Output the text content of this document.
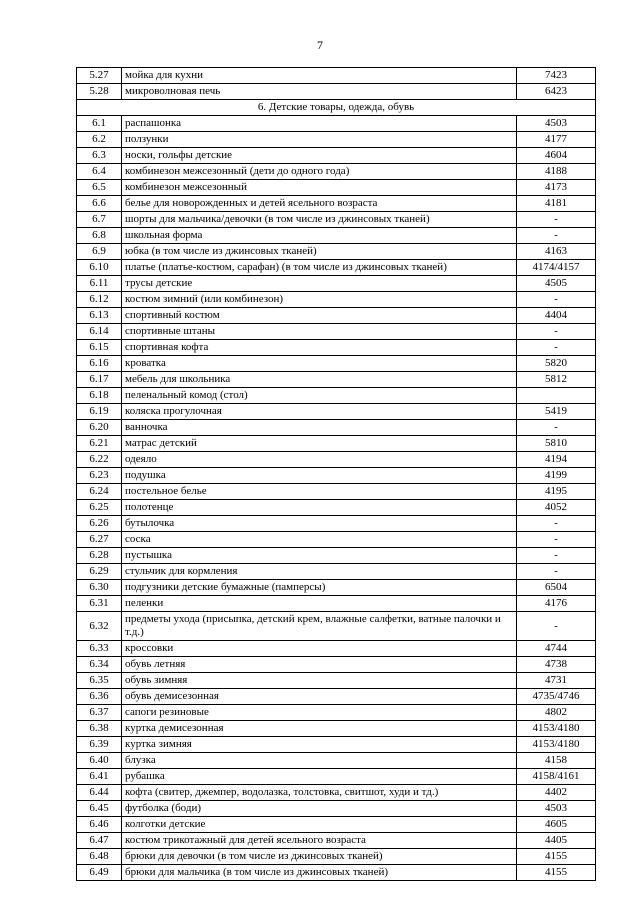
7
5.27	мойка для кухни	7423
5.28	микроволновая печь	6423
6. Детские товары, одежда, обувь		
6.1	распашонка	4503
6.2	ползунки	4177
6.3	носки, гольфы детские	4604
6.4	комбинезон межсезонный (дети до одного года)	4188
6.5	комбинезон межсезонный	4173
6.6	белье для новорожденных и детей ясельного возраста	4181
6.7	шорты для мальчика/девочки (в том числе из джинсовых тканей)	-
6.8	школьная форма	-
6.9	юбка (в том числе из джинсовых тканей)	4163
6.10	платье (платье-костюм, сарафан) (в том числе из джинсовых тканей)	4174/4157
6.11	трусы детские	4505
6.12	костюм зимний (или комбинезон)	-
6.13	спортивный костюм	4404
6.14	спортивные штаны	-
6.15	спортивная кофта	-
6.16	кроватка	5820
6.17	мебель для школьника	5812
6.18	пеленальный комод (стол)	
6.19	коляска прогулочная	5419
6.20	ванночка	-
6.21	матрас детский	5810
6.22	одеяло	4194
6.23	подушка	4199
6.24	постельное белье	4195
6.25	полотенце	4052
6.26	бутылочка	-
6.27	соска	-
6.28	пустышка	-
6.29	стульчик для кормления	-
6.30	подгузники детские бумажные (памперсы)	6504
6.31	пеленки	4176
6.32	предметы ухода (присыпка, детский крем, влажные салфетки, ватные палочки и т.д.)	-
6.33	кроссовки	4744
6.34	обувь летняя	4738
6.35	обувь зимняя	4731
6.36	обувь демисезонная	4735/4746
6.37	сапоги резиновые	4802
6.38	куртка демисезонная	4153/4180
6.39	куртка зимняя	4153/4180
6.40	блузка	4158
6.41	рубашка	4158/4161
6.44	кофта (свитер, джемпер, водолазка, толстовка, свитшот, худи и тд.)	4402
6.45	футболка (боди)	4503
6.46	колготки детские	4605
6.47	костюм трикотажный для детей ясельного возраста	4405
6.48	брюки для девочки (в том числе из джинсовых тканей)	4155
6.49	брюки для мальчика (в том числе из джинсовых тканей)	4155
